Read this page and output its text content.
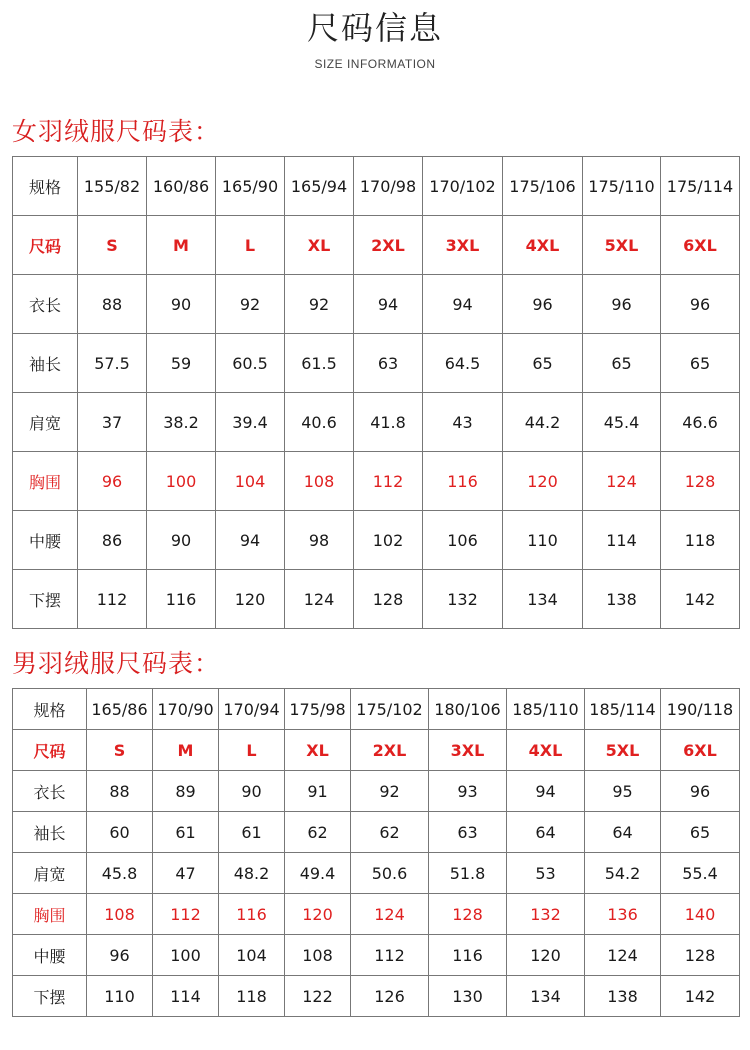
尺码信息
SIZE INFORMATION
女羽绒服尺码表：
规格	155/82	160/86	165/90	165/94	170/98	170/102	175/106	175/110	175/114
尺码	S	M	L	XL	2XL	3XL	4XL	5XL	6XL
衣长	88	90	92	92	94	94	96	96	96
袖长	57.5	59	60.5	61.5	63	64.5	65	65	65
肩宽	37	38.2	39.4	40.6	41.8	43	44.2	45.4	46.6
胸围	96	100	104	108	112	116	120	124	128
中腰	86	90	94	98	102	106	110	114	118
下摆	112	116	120	124	128	132	134	138	142
男羽绒服尺码表：
规格	165/86	170/90	170/94	175/98	175/102	180/106	185/110	185/114	190/118
尺码	S	M	L	XL	2XL	3XL	4XL	5XL	6XL
衣长	88	89	90	91	92	93	94	95	96
袖长	60	61	61	62	62	63	64	64	65
肩宽	45.8	47	48.2	49.4	50.6	51.8	53	54.2	55.4
胸围	108	112	116	120	124	128	132	136	140
中腰	96	100	104	108	112	116	120	124	128
下摆	110	114	118	122	126	130	134	138	142
